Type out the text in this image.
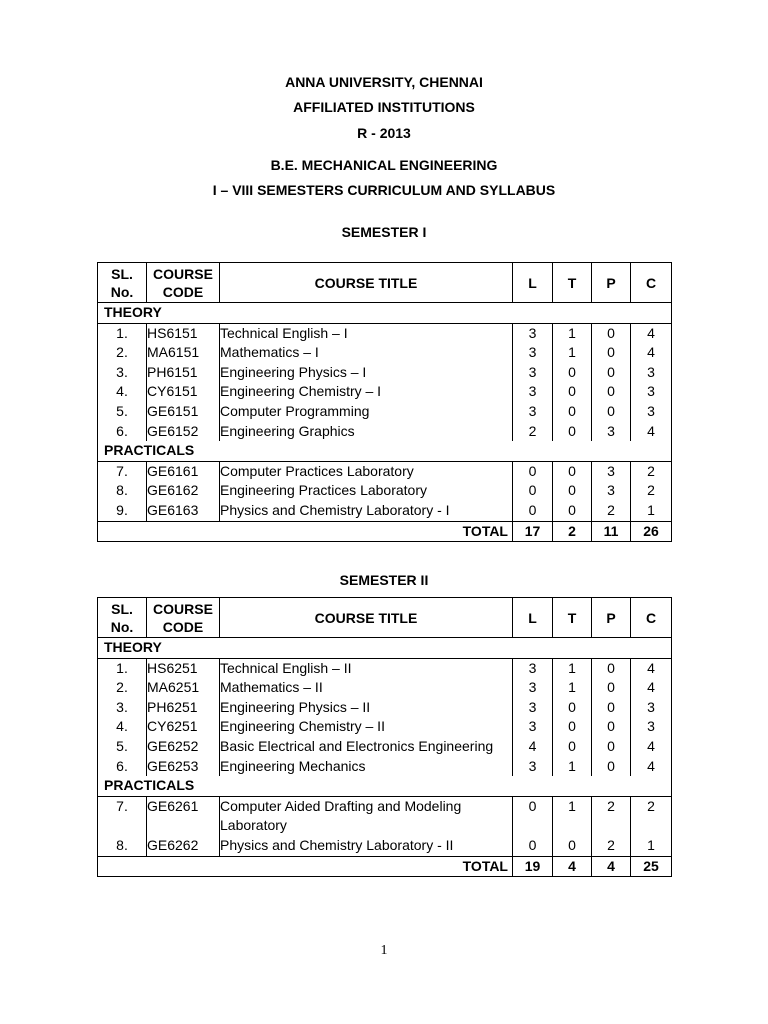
ANNA UNIVERSITY, CHENNAI
AFFILIATED INSTITUTIONS
R - 2013
B.E. MECHANICAL ENGINEERING
I – VIII SEMESTERS CURRICULUM AND SYLLABUS
SEMESTER I
SL. No.	COURSE CODE	COURSE TITLE	L	T	P	C
THEORY						
1.	HS6151	Technical English – I	3	1	0	4
2.	MA6151	Mathematics – I	3	1	0	4
3.	PH6151	Engineering Physics – I	3	0	0	3
4.	CY6151	Engineering Chemistry – I	3	0	0	3
5.	GE6151	Computer Programming	3	0	0	3
6.	GE6152	Engineering Graphics	2	0	3	4
PRACTICALS						
7.	GE6161	Computer Practices Laboratory	0	0	3	2
8.	GE6162	Engineering Practices Laboratory	0	0	3	2
9.	GE6163	Physics and Chemistry Laboratory - I	0	0	2	1
TOTAL			17	2	11	26
SEMESTER II
SL. No.	COURSE CODE	COURSE TITLE	L	T	P	C
THEORY						
1.	HS6251	Technical English – II	3	1	0	4
2.	MA6251	Mathematics – II	3	1	0	4
3.	PH6251	Engineering Physics – II	3	0	0	3
4.	CY6251	Engineering Chemistry – II	3	0	0	3
5.	GE6252	Basic Electrical and Electronics Engineering	4	0	0	4
6.	GE6253	Engineering Mechanics	3	1	0	4
PRACTICALS						
7.	GE6261	Computer Aided Drafting and Modeling Laboratory	0	1	2	2
8.	GE6262	Physics and Chemistry Laboratory - II	0	0	2	1
TOTAL			19	4	4	25
1
